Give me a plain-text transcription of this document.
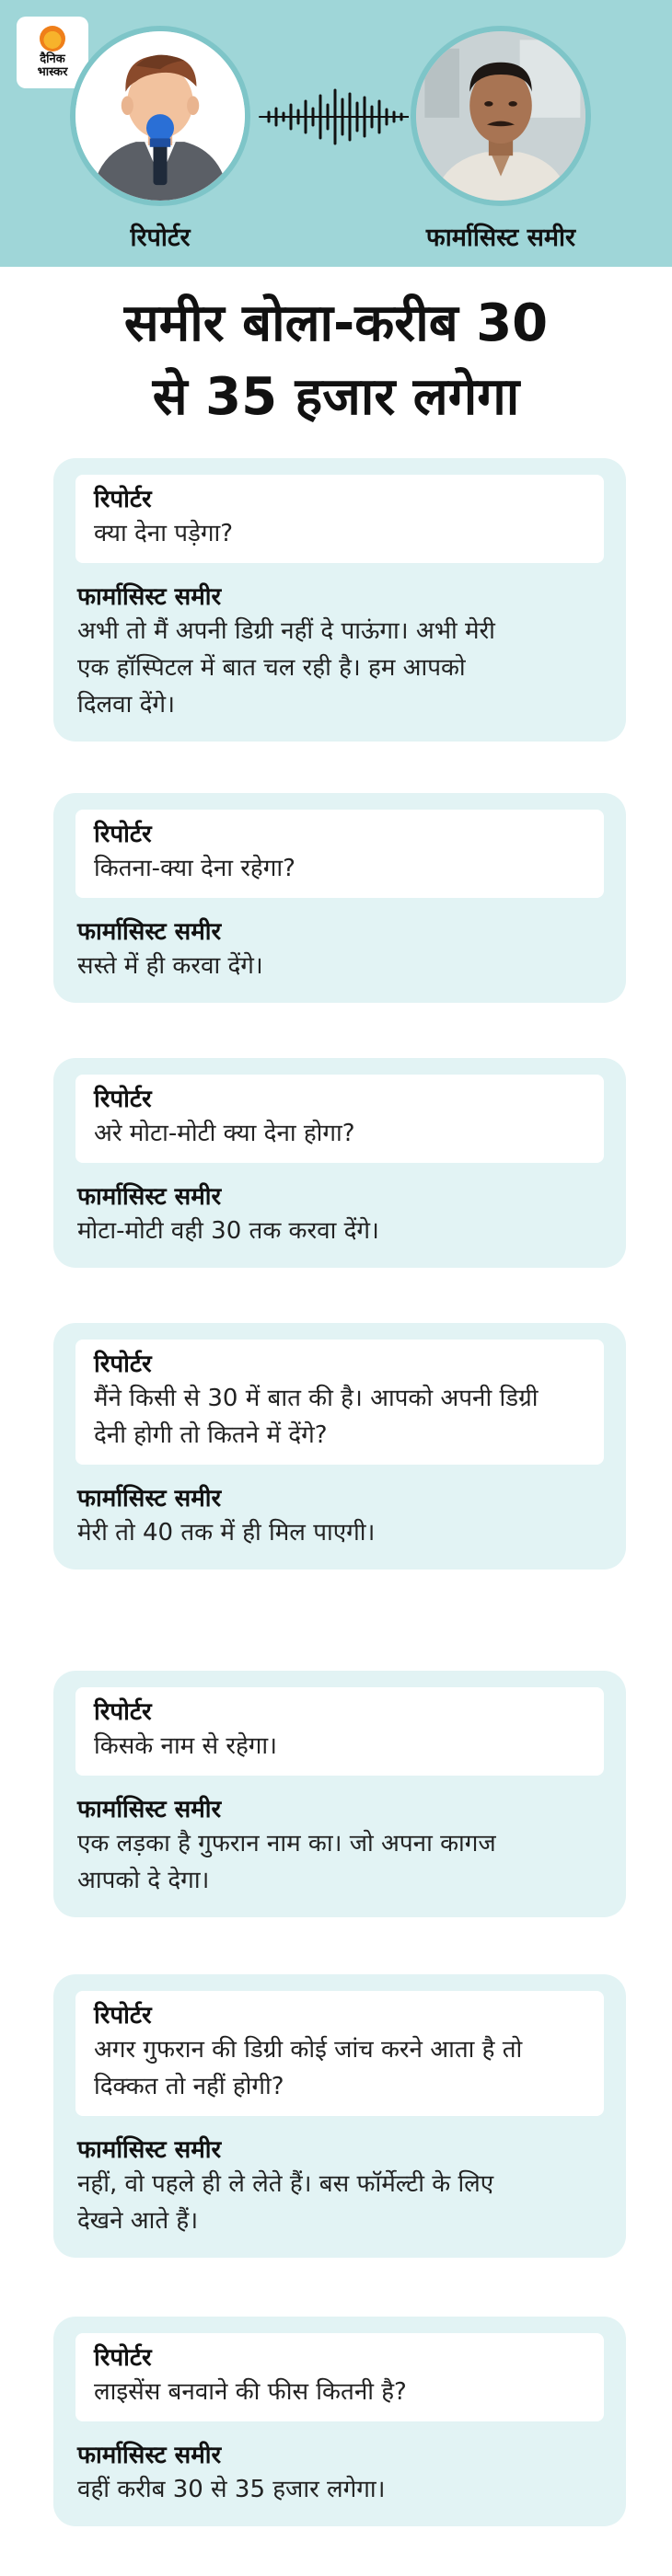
दैनिक
भास्कर
रिपोर्टर	फार्मासिस्ट समीर
समीर बोला-करीब 30
से 35 हजार लगेगा
रिपोर्टर
क्या देना पड़ेगा?
फार्मासिस्ट समीर
अभी तो मैं अपनी डिग्री नहीं दे पाऊंगा। अभी मेरी
एक हॉस्पिटल में बात चल रही है। हम आपको
दिलवा देंगे।
रिपोर्टर
कितना-क्या देना रहेगा?
फार्मासिस्ट समीर
सस्ते में ही करवा देंगे।
रिपोर्टर
अरे मोटा-मोटी क्या देना होगा?
फार्मासिस्ट समीर
मोटा-मोटी वही 30 तक करवा देंगे।
रिपोर्टर
मैंने किसी से 30 में बात की है। आपको अपनी डिग्री
देनी होगी तो कितने में देंगे?
फार्मासिस्ट समीर
मेरी तो 40 तक में ही मिल पाएगी।
रिपोर्टर
किसके नाम से रहेगा।
फार्मासिस्ट समीर
एक लड़का है गुफरान नाम का। जो अपना कागज
आपको दे देगा।
रिपोर्टर
अगर गुफरान की डिग्री कोई जांच करने आता है तो
दिक्कत तो नहीं होगी?
फार्मासिस्ट समीर
नहीं, वो पहले ही ले लेते हैं। बस फॉर्मेल्टी के लिए
देखने आते हैं।
रिपोर्टर
लाइसेंस बनवाने की फीस कितनी है?
फार्मासिस्ट समीर
वहीं करीब 30 से 35 हजार लगेगा।
